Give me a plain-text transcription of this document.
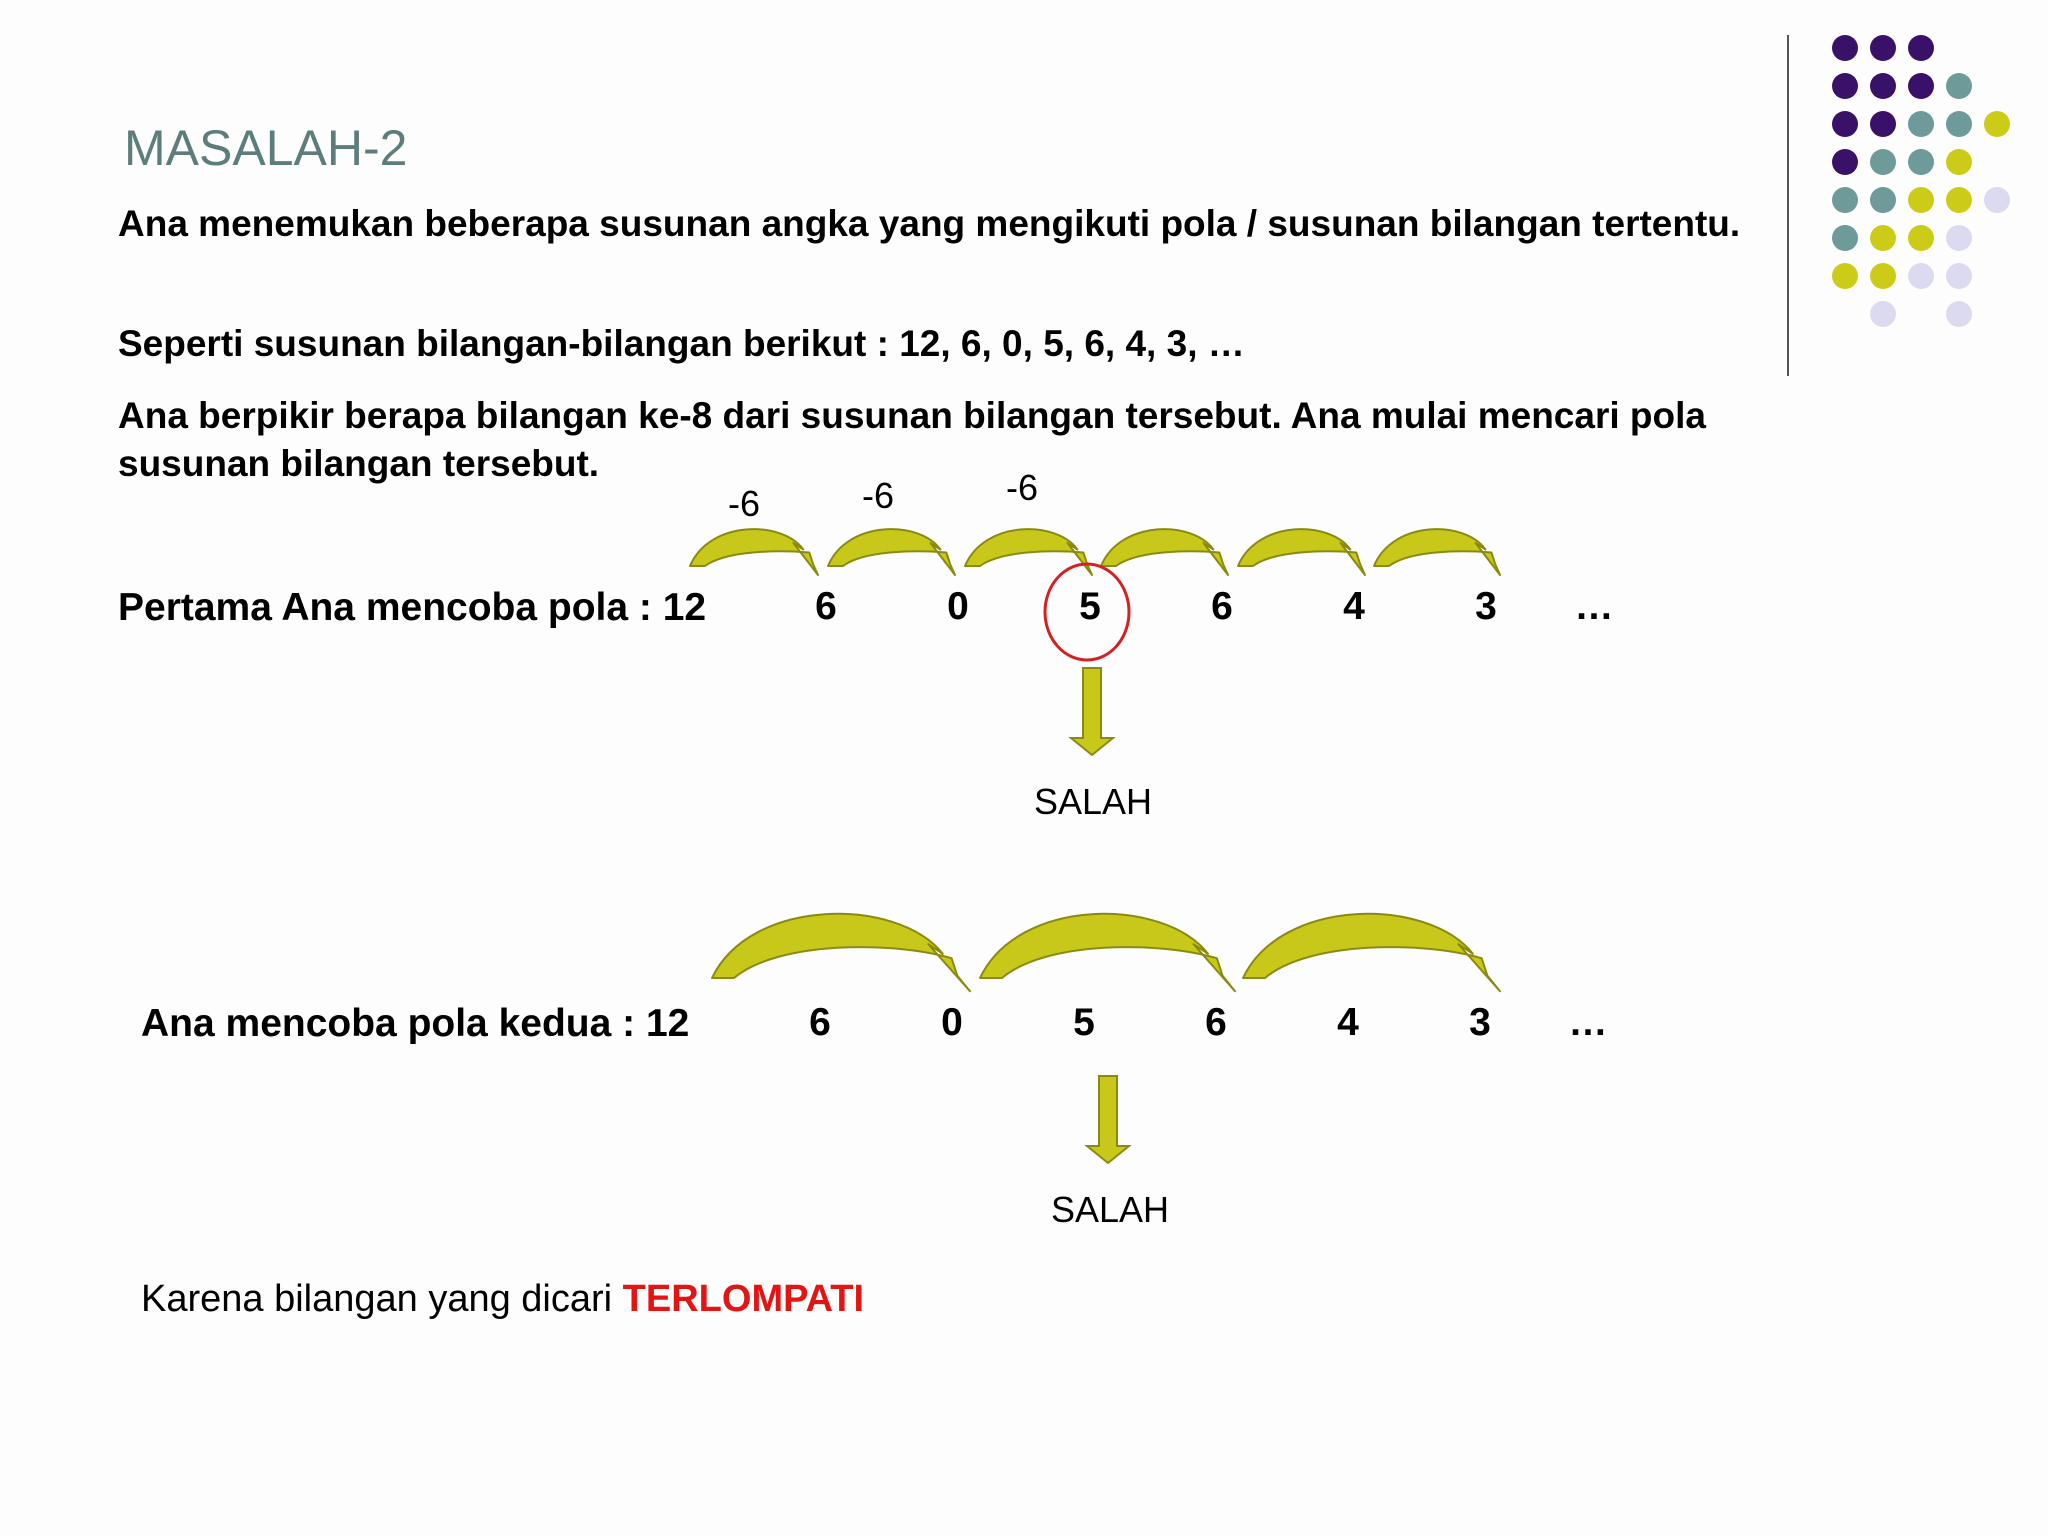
MASALAH-2
Ana menemukan beberapa susunan angka yang mengikuti pola / susunan bilangan tertentu.
Seperti susunan bilangan-bilangan berikut : 12, 6, 0, 5, 6, 4, 3, …
Ana berpikir berapa bilangan ke-8 dari susunan bilangan tersebut. Ana mulai mencari pola susunan bilangan tersebut.
-6	-6	-6
Pertama Ana mencoba pola : 12	6	0	5	6	4	3 …
SALAH
Ana mencoba pola kedua : 12	6	0	5	6	4	3 …
SALAH
Karena bilangan yang dicari TERLOMPATI
